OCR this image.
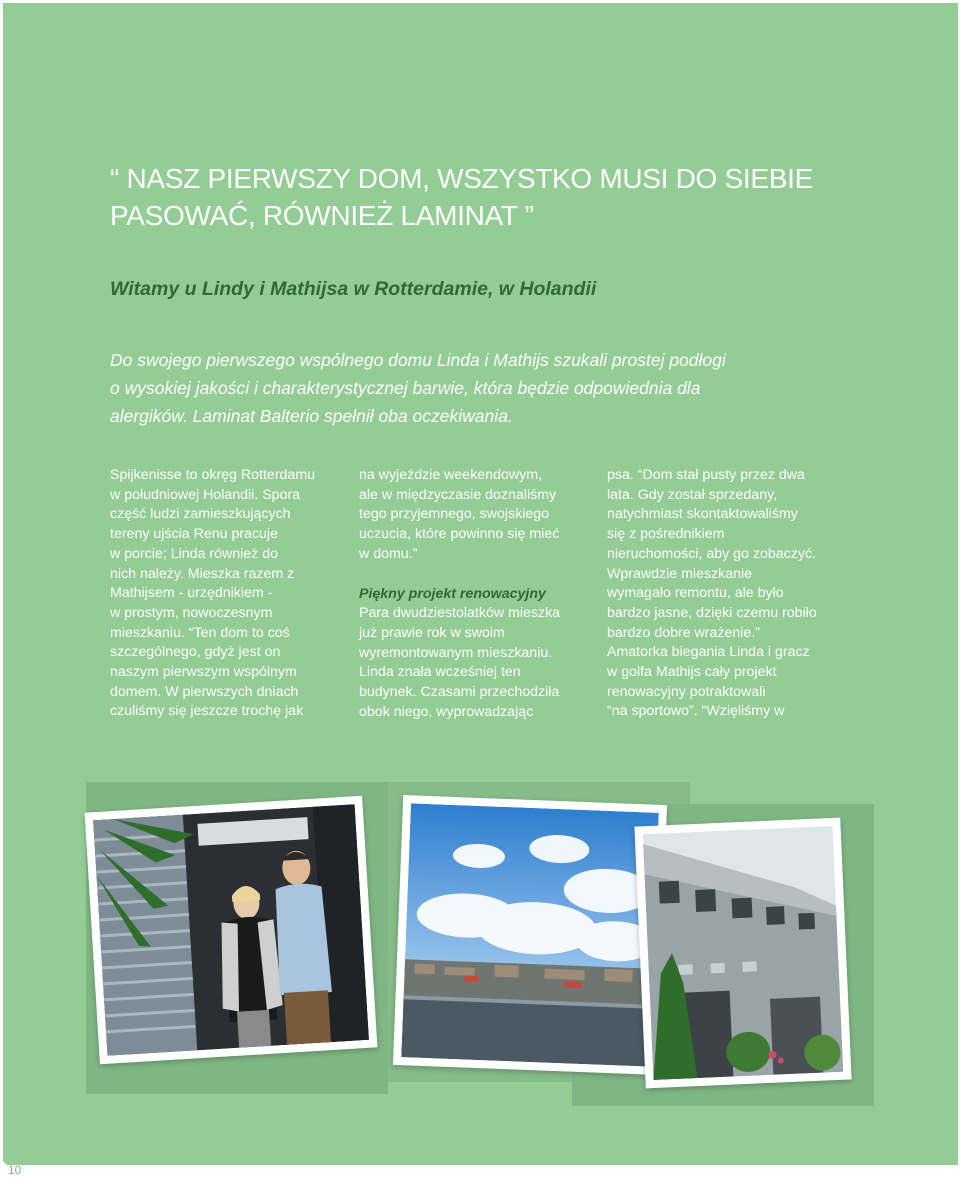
10
“ NASZ PIERWSZY DOM, WSZYSTKO MUSI DO SIEBIE
PASOWAĆ, RÓWNIEŻ LAMINAT ”
Witamy u Lindy i Mathijsa w Rotterdamie, w Holandii

Do swojego pierwszego wspólnego domu Linda i Mathijs szukali prostej podłogi
o wysokiej jakości i charakterystycznej barwie, która będzie odpowiednia dla
alergików. Laminat Balterio spełnił oba oczekiwania.

Spijkenisse to okręg Rotterdamu
w południowej Holandii. Spora
część ludzi zamieszkujących
tereny ujścia Renu pracuje
w porcie; Linda również do
nich należy. Mieszka razem z
Mathijsem - urzędnikiem -
w prostym, nowoczesnym
mieszkaniu. “Ten dom to coś
szczególnego, gdyż jest on
naszym pierwszym wspólnym
domem. W pierwszych dniach
czuliśmy się jeszcze trochę jak
na wyjeździe weekendowym,
ale w międzyczasie doznaliśmy
tego przyjemnego, swojskiego
uczucia, które powinno się mieć
w domu.”
Piękny projekt renowacyjny
Para dwudziestolatków mieszka
już prawie rok w swoim
wyremontowanym mieszkaniu.
Linda znała wcześniej ten
budynek. Czasami przechodziła
obok niego, wyprowadzając
psa. “Dom stał pusty przez dwa
lata. Gdy został sprzedany,
natychmiast skontaktowaliśmy
się z pośrednikiem
nieruchomości, aby go zobaczyć.
Wprawdzie mieszkanie
wymagało remontu, ale było
bardzo jasne, dzięki czemu robiło
bardzo dobre wrażenie.”
Amatorka biegania Linda i gracz
w golfa Mathijs cały projekt
renowacyjny potraktowali
“na sportowo”. “Wzięliśmy w
